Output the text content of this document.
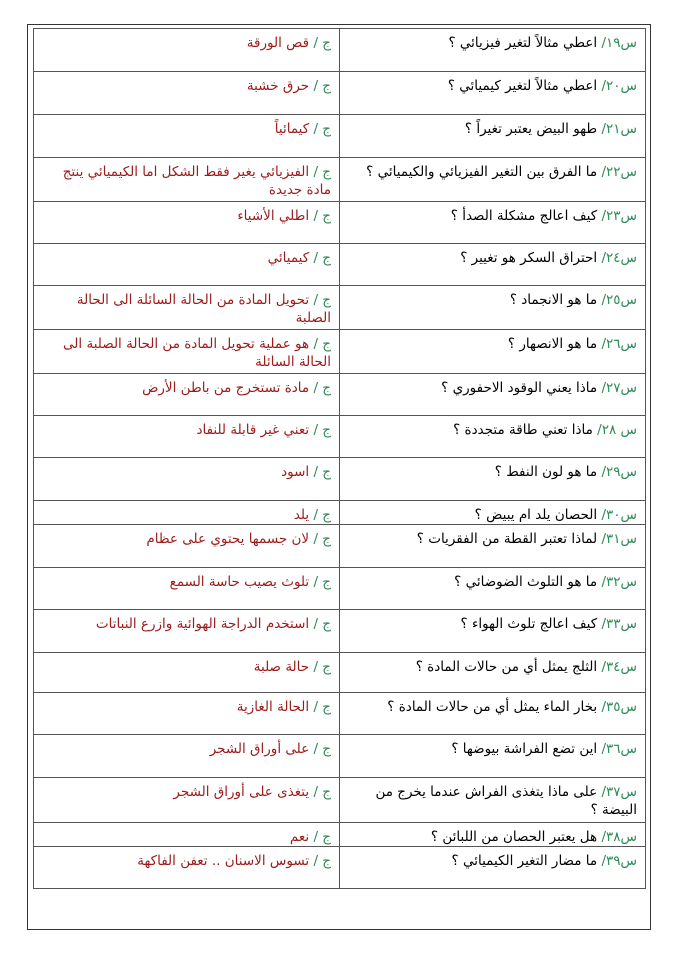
ج / قص الورقة	س١٩/ اعطي مثالاً لتغير فيزيائي ؟

ج / حرق خشبة	س٢٠/ اعطي مثالاً لتغير كيميائي ؟

ج / كيمائياً	س٢١/ طهو البيض يعتبر تغيراً ؟

ج / الفيزيائي يغير فقط الشكل اما الكيميائي ينتج مادة جديدة	س٢٢/ ما الفرق بين التغير الفيزيائي والكيميائي ؟

ج / اطلي الأشياء	س٢٣/ كيف اعالج مشكلة الصدأ ؟

ج / كيميائي	س٢٤/ احتراق السكر هو تغيير ؟

ج / تحويل المادة من الحالة السائلة الى الحالة الصلبة	س٢٥/ ما هو الانجماد ؟

ج / هو عملية تحويل المادة من الحالة الصلبة الى الحالة السائلة	س٢٦/ ما هو الانصهار ؟

ج / مادة تستخرج من باطن الأرض	س٢٧/ ماذا يعني الوقود الاحفوري ؟

ج / تعني غير قابلة للنفاد	س ٢٨/ ماذا تعني طاقة متجددة ؟

ج / اسود	س٢٩/ ما هو لون النفط ؟

ج / يلد	س٣٠/ الحصان يلد ام يبيض ؟

ج / لان جسمها يحتوي على عظام	س٣١/ لماذا تعتبر القطة من الفقريات ؟

ج / تلوث يصيب حاسة السمع	س٣٢/ ما هو التلوث الضوضائي ؟

ج / استخدم الدراجة الهوائية وازرع النباتات	س٣٣/ كيف اعالج تلوث الهواء ؟

ج / حالة صلبة	س٣٤/ الثلج يمثل أي من حالات المادة ؟

ج / الحالة الغازية	س٣٥/ بخار الماء يمثل أي من حالات المادة ؟

ج / على أوراق الشجر	س٣٦/ اين تضع الفراشة بيوضها ؟

ج / يتغذى على أوراق الشجر	س٣٧/ على ماذا يتغذى الفراش عندما يخرج من البيضة ؟

ج / نعم	س٣٨/ هل يعتبر الحصان من اللبائن ؟

ج / تسوس الاسنان .. تعفن الفاكهة	س٣٩/ ما مضار التغير الكيميائي ؟
